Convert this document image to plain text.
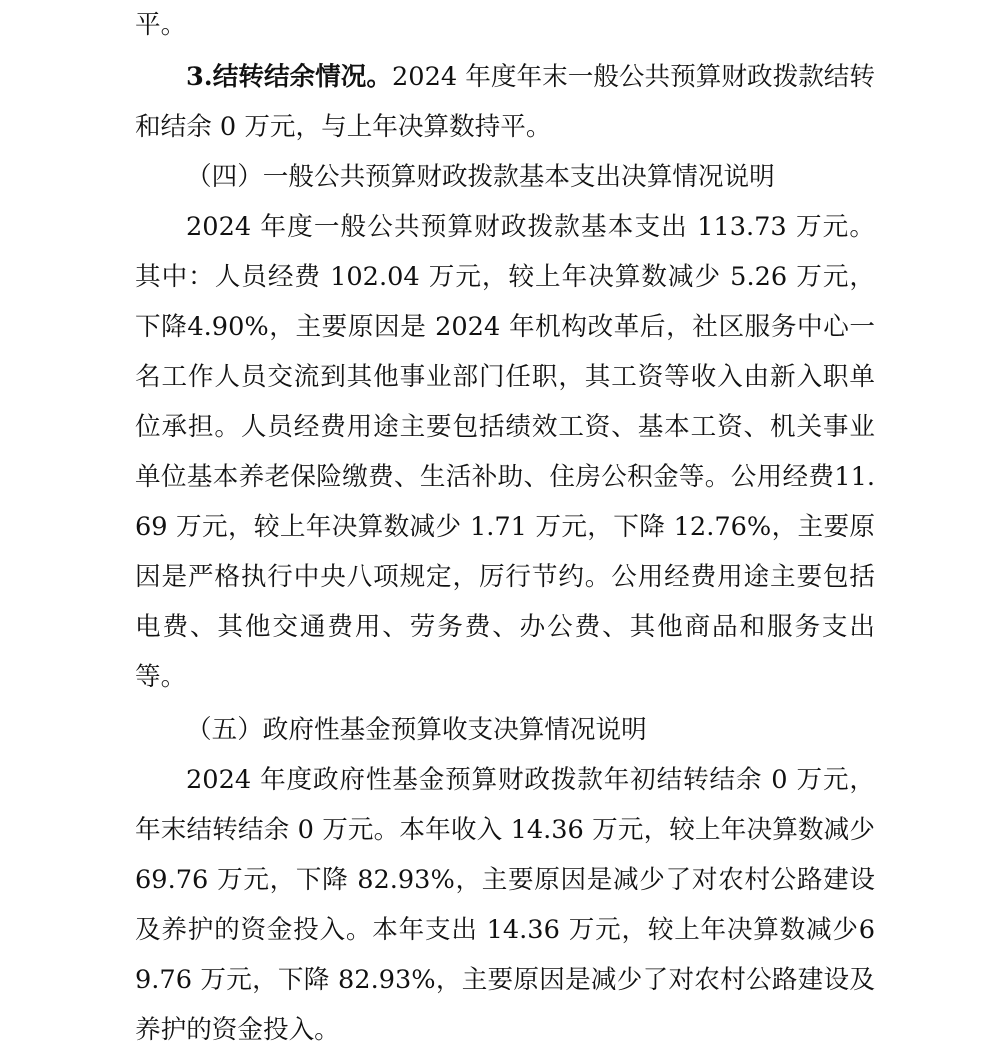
平。

3.结转结余情况。2024 年度年末一般公共预算财政拨款结转和结余 0 万元，与上年决算数持平。

（四）一般公共预算财政拨款基本支出决算情况说明

2024 年度一般公共预算财政拨款基本支出 113.73 万元。其中：人员经费 102.04 万元，较上年决算数减少 5.26 万元，下降4.90%，主要原因是 2024 年机构改革后，社区服务中心一名工作人员交流到其他事业部门任职，其工资等收入由新入职单位承担。人员经费用途主要包括绩效工资、基本工资、机关事业单位基本养老保险缴费、生活补助、住房公积金等。公用经费11.69 万元，较上年决算数减少 1.71 万元，下降 12.76%，主要原因是严格执行中央八项规定，厉行节约。公用经费用途主要包括电费、其他交通费用、劳务费、办公费、其他商品和服务支出等。

（五）政府性基金预算收支决算情况说明

2024 年度政府性基金预算财政拨款年初结转结余 0 万元，年末结转结余 0 万元。本年收入 14.36 万元，较上年决算数减少69.76 万元，下降 82.93%，主要原因是减少了对农村公路建设及养护的资金投入。本年支出 14.36 万元，较上年决算数减少69.76 万元，下降 82.93%，主要原因是减少了对农村公路建设及养护的资金投入。
